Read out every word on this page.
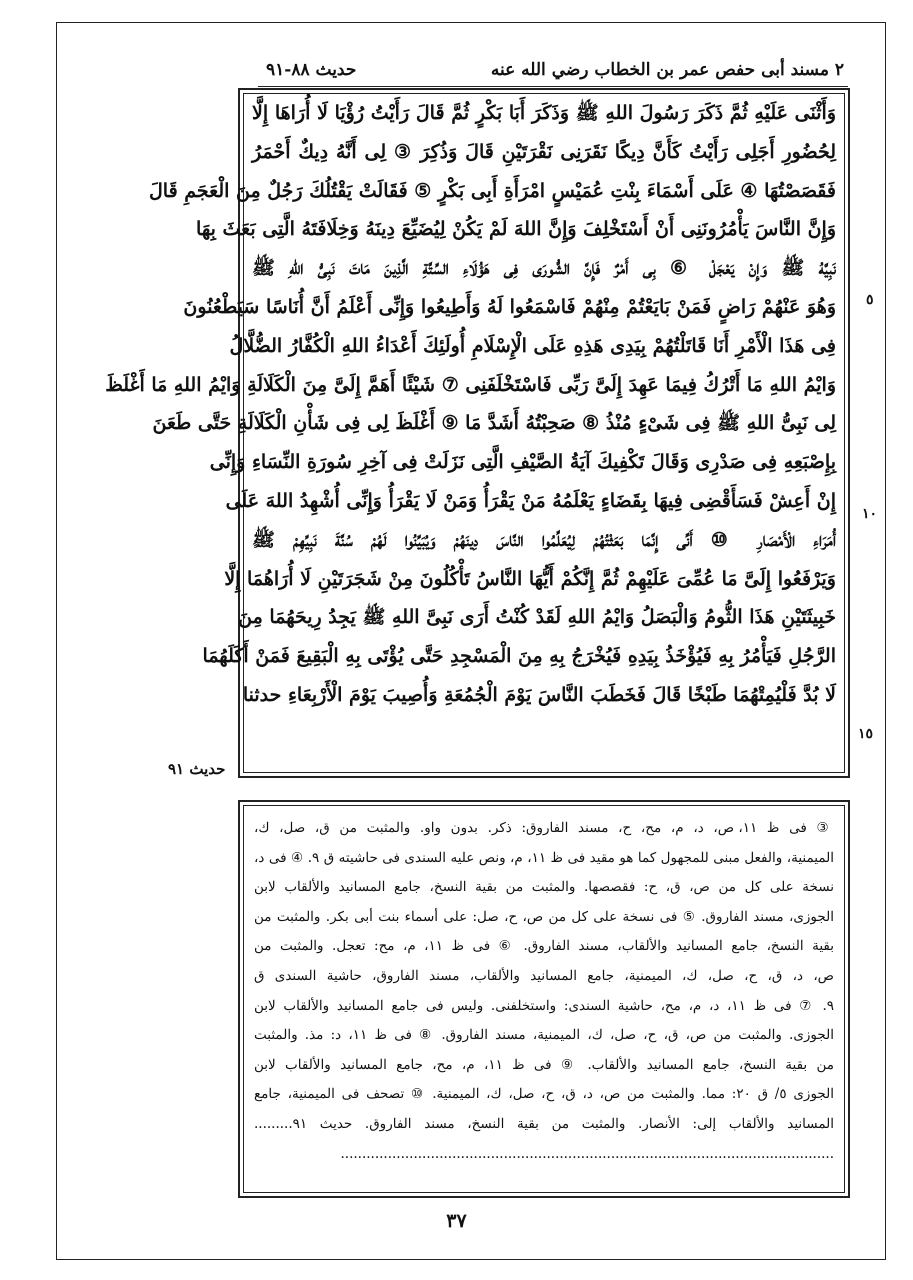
٢ مسند أبى حفص عمر بن الخطاب رضي الله عنه
حديث ٨٨-٩١
وَأَثْنَى عَلَيْهِ ثُمَّ ذَكَرَ رَسُولَ اللهِ ﷺ وَذَكَرَ أَبَا بَكْرٍ ثُمَّ قَالَ رَأَيْتُ رُؤْيَا لَا أُرَاهَا إِلَّا
لِحُضُورِ أَجَلِى رَأَيْتُ كَأَنَّ دِيكًا نَقَرَنِى نَقْرَتَيْنِ قَالَ وَذُكِرَ ③ لِى أَنَّهُ دِيكٌ أَحْمَرُ
فَقَصَصْتُهَا ④ عَلَى أَسْمَاءَ بِنْتِ عُمَيْسٍ امْرَأَةِ أَبِى بَكْرٍ ⑤ فَقَالَتْ يَقْتُلُكَ رَجُلٌ مِنَ الْعَجَمِ قَالَ
وَإِنَّ النَّاسَ يَأْمُرُونَنِى أَنْ أَسْتَخْلِفَ وَإِنَّ اللهَ لَمْ يَكُنْ لِيُضَيِّعَ دِينَهُ وَخِلَافَتَهُ الَّتِى بَعَثَ بِهَا
نَبِيَّهُ ﷺ وَإِنْ يَعْجَلْ ⑥ بِى أَمْرٌ فَإِنَّ الشُّورَى فِى هَؤُلَاءِ السِّتَّةِ الَّذِينَ مَاتَ نَبِىُّ اللهِ ﷺ
وَهُوَ عَنْهُمْ رَاضٍ فَمَنْ بَايَعْتُمْ مِنْهُمْ فَاسْمَعُوا لَهُ وَأَطِيعُوا وَإِنِّى أَعْلَمُ أَنَّ أُنَاسًا سَيَطْعُنُونَ
فِى هَذَا الْأَمْرِ أَنَا قَاتَلْتُهُمْ بِيَدِى هَذِهِ عَلَى الْإِسْلَامِ أُولَئِكَ أَعْدَاءُ اللهِ الْكُفَّارُ الضُّلَّالُ
وَايْمُ اللهِ مَا أَتْرُكُ فِيمَا عَهِدَ إِلَىَّ رَبِّى فَاسْتَخْلَفَنِى ⑦ شَيْئًا أَهَمَّ إِلَىَّ مِنَ الْكَلَالَةِ وَايْمُ اللهِ مَا أَغْلَظَ
لِى نَبِىُّ اللهِ ﷺ فِى شَىْءٍ مُنْذُ ⑧ صَحِبْتُهُ أَشَدَّ مَا ⑨ أَغْلَظَ لِى فِى شَأْنِ الْكَلَالَةِ حَتَّى طَعَنَ
بِإِصْبَعِهِ فِى صَدْرِى وَقَالَ تَكْفِيكَ آيَةُ الصَّيْفِ الَّتِى نَزَلَتْ فِى آخِرِ سُورَةِ النِّسَاءِ وَإِنِّى
إِنْ أَعِشْ فَسَأَقْضِى فِيهَا بِقَضَاءٍ يَعْلَمُهُ مَنْ يَقْرَأُ وَمَنْ لَا يَقْرَأُ وَإِنِّى أُشْهِدُ اللهَ عَلَى
أُمَرَاءِ الْأَمْصَارِ ⑩ أَنِّى إِنَّمَا بَعَثْتُهُمْ لِيُعَلِّمُوا النَّاسَ دِينَهُمْ وَيُبَيِّنُوا لَهُمْ سُنَّةَ نَبِيِّهِمْ ﷺ
وَيَرْفَعُوا إِلَىَّ مَا عُمِّىَ عَلَيْهِمْ ثُمَّ إِنَّكُمْ أَيُّهَا النَّاسُ تَأْكُلُونَ مِنْ شَجَرَتَيْنِ لَا أُرَاهُمَا إِلَّا
خَبِيثَتَيْنِ هَذَا الثُّومُ وَالْبَصَلُ وَايْمُ اللهِ لَقَدْ كُنْتُ أَرَى نَبِىَّ اللهِ ﷺ يَجِدُ رِيحَهُمَا مِنَ
الرَّجُلِ فَيَأْمُرُ بِهِ فَيُؤْخَذُ بِيَدِهِ فَيُخْرَجُ بِهِ مِنَ الْمَسْجِدِ حَتَّى يُؤْتَى بِهِ الْبَقِيعَ فَمَنْ أَكَلَهُمَا
لَا بُدَّ فَلْيُمِتْهُمَا طَبْخًا قَالَ فَخَطَبَ النَّاسَ يَوْمَ الْجُمُعَةِ وَأُصِيبَ يَوْمَ الْأَرْبِعَاءِ حدثنا
٥
١٠
١٥
حديث ٩١
③ فى ظ ١١، ص، د، م، مح، ح، مسند الفاروق: ذكر. بدون واو. والمثبت من ق، صل، ك،
الميمنية، والفعل مبنى للمجهول كما هو مقيد فى ظ ١١، م، ونص عليه السندى فى حاشيته ق ٩. ④ فى د،
نسخة على كل من ص، ق، ح: فقصصها. والمثبت من بقية النسخ، جامع المسانيد والألقاب لابن
الجوزى، مسند الفاروق. ⑤ فى نسخة على كل من ص، ح، صل: على أسماء بنت أبى بكر. والمثبت من
بقية النسخ، جامع المسانيد والألقاب، مسند الفاروق. ⑥ فى ظ ١١، م، مح: تعجل. والمثبت من
ص، د، ق، ح، صل، ك، الميمنية، جامع المسانيد والألقاب، مسند الفاروق، حاشية السندى ق
٩. ⑦ فى ظ ١١، د، م، مح، حاشية السندى: واستخلفنى. وليس فى جامع المسانيد والألقاب لابن
الجوزى. والمثبت من ص، ق، ح، صل، ك، الميمنية، مسند الفاروق. ⑧ فى ظ ١١، د: مذ. والمثبت
من بقية النسخ، جامع المسانيد والألقاب. ⑨ فى ظ ١١، م، مح، جامع المسانيد والألقاب لابن
الجوزى ٥/ ق ٢٠: مما. والمثبت من ص، د، ق، ح، صل، ك، الميمنية. ⑩ تصحف فى الميمنية، جامع
المسانيد والألقاب إلى: الأنصار. والمثبت من بقية النسخ، مسند الفاروق. حديث ٩١.........
...................................................................................................................
٣٧
